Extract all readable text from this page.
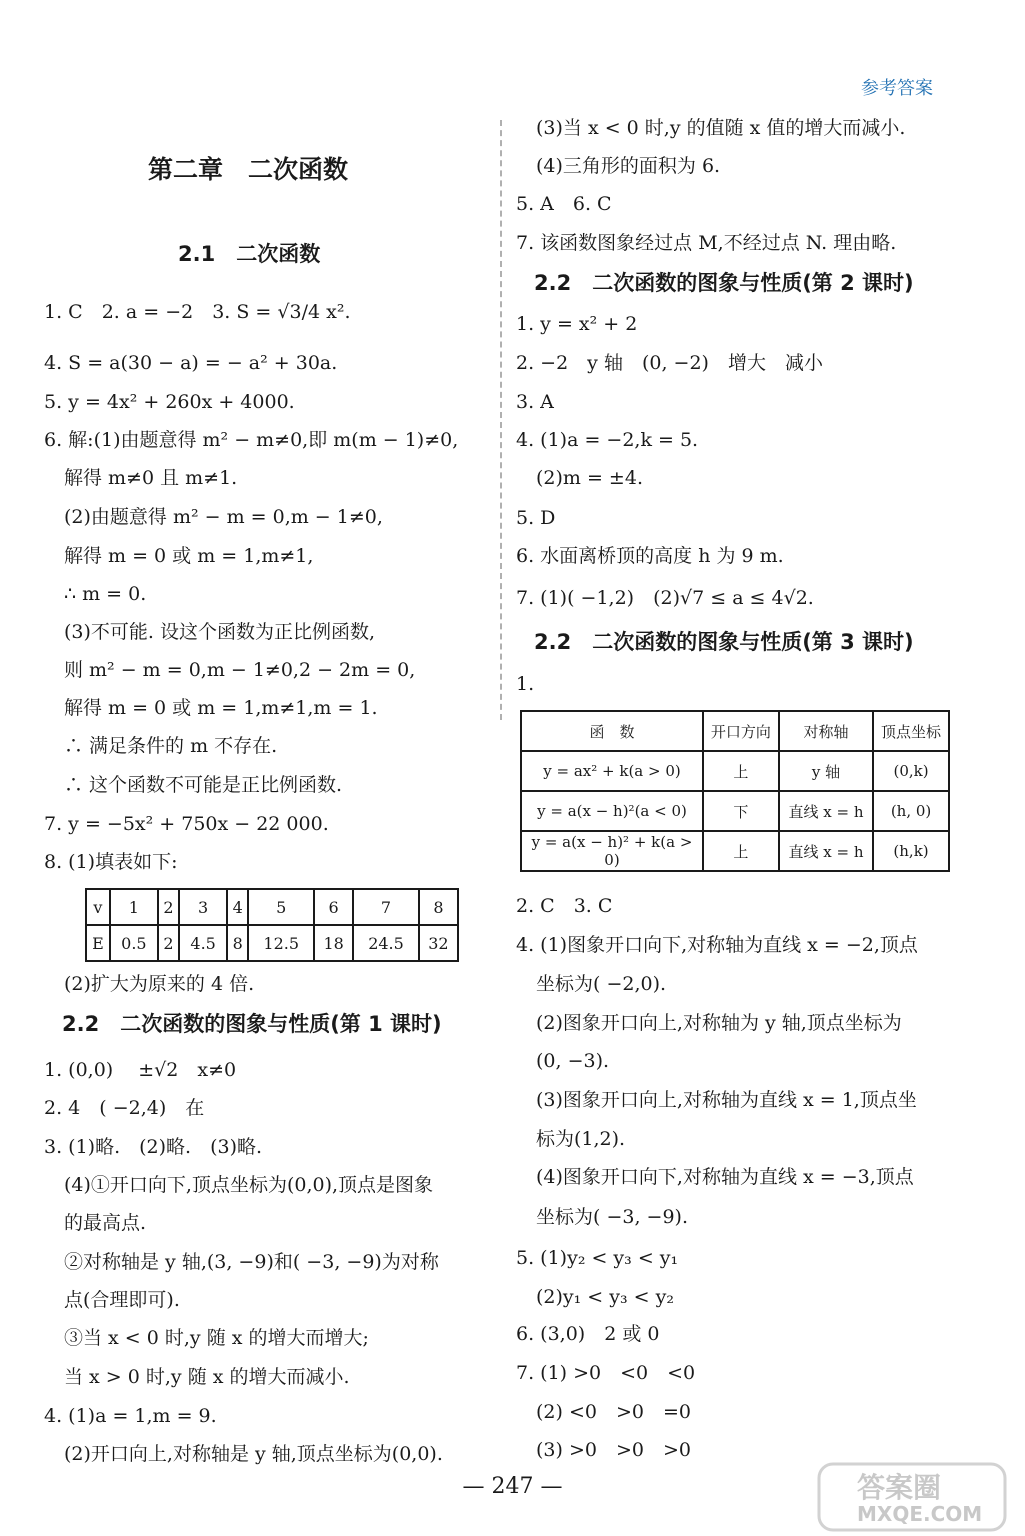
参考答案
第二章　二次函数
2.1　二次函数
1. C　2. a = −2　3. S = √3/4 x².
4. S = a(30 − a) = − a² + 30a.
5. y = 4x² + 260x + 4000.
6. 解:(1)由题意得 m² − m≠0,即 m(m − 1)≠0,
解得 m≠0 且 m≠1.
(2)由题意得 m² − m = 0,m − 1≠0,
解得 m = 0 或 m = 1,m≠1,
∴ m = 0.
(3)不可能. 设这个函数为正比例函数,
则 m² − m = 0,m − 1≠0,2 − 2m = 0,
解得 m = 0 或 m = 1,m≠1,m = 1.
∴ 满足条件的 m 不存在.
∴ 这个函数不可能是正比例函数.
7. y = −5x² + 750x − 22 000.
8. (1)填表如下:
v	1	2	3	4	5	6	7	8
E	0.5	2	4.5	8	12.5	18	24.5	32
(2)扩大为原来的 4 倍.
2.2　二次函数的图象与性质(第 1 课时)
1. (0,0)　 ±√2　x≠0
2. 4　( −2,4)　在
3. (1)略.　(2)略.　(3)略.
(4)①开口向下,顶点坐标为(0,0),顶点是图象
的最高点.
②对称轴是 y 轴,(3, −9)和( −3, −9)为对称
点(合理即可).
③当 x < 0 时,y 随 x 的增大而增大;
当 x > 0 时,y 随 x 的增大而减小.
4. (1)a = 1,m = 9.
(2)开口向上,对称轴是 y 轴,顶点坐标为(0,0).
(3)当 x < 0 时,y 的值随 x 值的增大而减小.
(4)三角形的面积为 6.
5. A　6. C
7. 该函数图象经过点 M,不经过点 N. 理由略.
2.2　二次函数的图象与性质(第 2 课时)
1. y = x² + 2
2. −2　y 轴　(0, −2)　增大　减小
3. A
4. (1)a = −2,k = 5.
(2)m = ±4.
5. D
6. 水面离桥顶的高度 h 为 9 m.
7. (1)( −1,2)　(2)√7 ≤ a ≤ 4√2.
2.2　二次函数的图象与性质(第 3 课时)
1.
函　数	开口方向	对称轴	顶点坐标
y = ax² + k(a > 0)	上	y 轴	(0,k)
y = a(x − h)²(a < 0)	下	直线 x = h	(h, 0)
y = a(x − h)² + k(a > 0)	上	直线 x = h	(h,k)
2. C　3. C
4. (1)图象开口向下,对称轴为直线 x = −2,顶点
坐标为( −2,0).
(2)图象开口向上,对称轴为 y 轴,顶点坐标为
(0, −3).
(3)图象开口向上,对称轴为直线 x = 1,顶点坐
标为(1,2).
(4)图象开口向下,对称轴为直线 x = −3,顶点
坐标为( −3, −9).
5. (1)y₂ < y₃ < y₁
(2)y₁ < y₃ < y₂
6. (3,0)　2 或 0
7. (1) >0　<0　<0
(2) <0　>0　=0
(3) >0　>0　>0
— 247 —	答案圈
MXQE.COM
